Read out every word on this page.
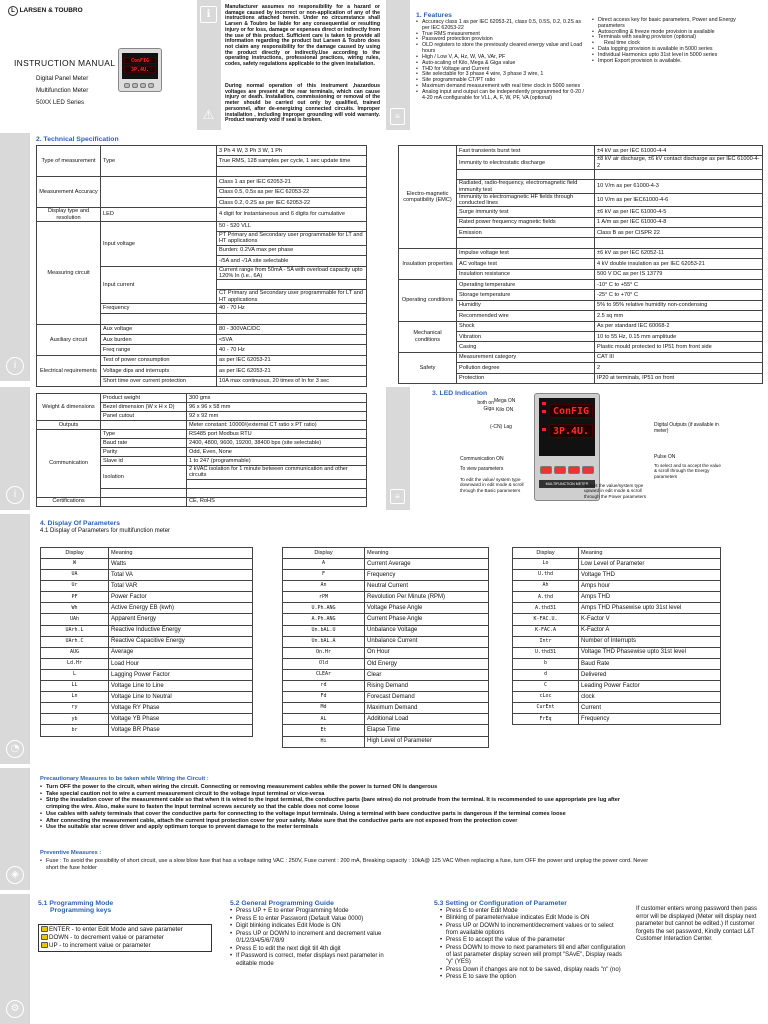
L LARSEN & TOUBRO
INSTRUCTION MANUAL
Digital Panel Meter
Multifunction Meter
50XX LED Series
ConFIG
3P.4U.
i
⚠
Manufacturer assumes no responsibility for a hazard or damage caused by incorrect or non-application of any of the instructions attached herein. Under no circumstance shall Larsen & Toubro be liable for any consequential or resulting injury or for loss, damage or expenses direct or indirectly from the use of this product. Sufficient care is taken to provide all information regarding the product but Larsen & Toubro does not claim any responsibility for the damage caused by using the product directly or indirectly.Use according to the operating instructions, professional practices, wiring rules, codes, safety regulations applicable to the given installation.
During normal operation of this instrument ,hazardous voltages are present at the rear terminals, which can cause injury or death. Installation, commissioning or removal of the meter should be carried out only by qualified, trained personnel, after de-energizing connected circuits. Improper installation , including improper grounding will void warranty. Product warranty void if seal is broken.	≡
1. Features
• Accuracy class 1 as per IEC 62053-21, class 0.5, 0.5S, 0.2, 0.2S as per IEC 62053-22
• True RMS measurement
• Password protection provision
• OLD registers to store the previously cleared energy value and Load hours
• High / Low V, A, Hz, W, VA, VAr, PF
• Auto-scaling of Kilo, Mega & Giga value
• THD for Voltage and Current
• Site selectable for 3 phase 4 wire, 3 phase 3 wire, 1
• Site programmable CT/PT ratio
• Maximum demand measurement with real time clock in 5000 series
• Analog input and output can be independently programmed for 0-20 / 4-20 mA configurable for VLL, A, F, W, PF, VA (optional)
• Direct access key for basic parameters, Power and Energy parameters
• Autoscrolling & freeze mode provision is available
• Terminals with sealing provision (optional)
• Real time clock
• Data logging provision is available in 5000 series
• Individual Harmonics upto 31st level in 5000 series
• Import Export provision is available.
i
2. Technical Specification
Type of measurement	Type	3 Ph 4 W, 3 Ph 3 W, 1 Ph
		True RMS, 128 samples per cycle, 1 sec update time

Measurement Accuracy		Class 1 as per IEC 62053-21
		Class 0.5, 0.5s as per IEC 62053-22
		Class 0.2, 0.2S as per IEC 62053-22
Display type and resolution	LED	4 digit for instantaneous and 6 digits for cumulative
Measuring circuit	Input voltage	50 - 520 VLL
		PT Primary and Secondary user programmable for LT and HT applications
		Burden: 0.2VA max per phase
		-/5A and -/1A site selectable
	Input current	Current range from 50mA - 5A with overload capacity upto 120% In (i.e., 6A)

		CT Primary and Secondary user programmable for LT and HT applications
	Frequency	40 - 70 Hz

Auxiliary circuit	Aux voltage	80 - 300VAC/DC
	Aux burden	<5VA
	Freq range	40 - 70 Hz
Electrical requirements	Test of power consumption	as per IEC 62053-21
	Voltage dips and interrupts	as per IEC 62053-21
	Short time over current protection	10A max continuous, 20 times of In for 3 sec
Electro-magnetic compatibility (EMC)	Fast transients burst test	±4 kV as per IEC 61000-4-4
	Immunity to electrostatic discharge	±8 kV air discharge, ±6 kV contact discharge as per IEC 61000-4-2

	Radiated, radio-frequency, electromagnetic field immunity test	10 V/m as per 61000-4-3
	Immunity to electromagnetic HF fields through conducted lines	10 V/m as per IEC61000-4-6
	Surge immunity test	±6 kV as per IEC 61000-4-5
	Rated power frequency magnetic fields	1 A/m as per IEC 61000-4-8
	Emission	Class B as per CISPR 22

Insulation properties	Impulse voltage test	±6 kV as per IEC 62052-11
	AC voltage test	4 kV double insulation as per IEC 62053-21
	Insulation resistance	500 V DC as per IS 13779
Operating conditions	Operating temperature	-10° C to +55° C
	Storage temperature	-25° C to +70° C
	Humidity	5% to 95% relative humidity non-condensing
	Recommended wire	2.5 sq mm
Mechanical conditions	Shock	As per standard IEC 60068-2
	Vibration	10 to 55 Hz, 0.15 mm amplitude
	Casing	Plastic mould protected to IP51 from front side
Safety	Measurement category	CAT III
	Pollution degree	2
	Protection	IP20 at terminals, IP51 on front
i
Weight & dimensions	Product weight	300 gms
	Bezel dimension (W x H x D)	96 x 96 x 58 mm
	Panel cutout	92 x 92 mm
Outputs		Meter constant: 10000/(external CT ratio x PT ratio)
Communication	Type	RS485 port Modbus RTU
	Baud rate	2400, 4800, 9600, 19200, 38400 bps (site selectable)
	Parity	Odd, Even, None
	Slave id	1 to 247 (programmable)
	Isolation	2 kVAC isolation for 1 minute between communication and other circuits

Certifications		CE, RoHS
≡
3. LED Indication
both on Giga
Mega ON
Kilo ON
(-CN) Lag
Communication ON
To view parameters
To edit the value/ system type downward in edit mode & scroll through the Basic parameters
ConFIG
3P.4U.
MULTIFUNCTION METER
Digital Outputs (if available in meter)
Pulse ON
To select and to accept the value & scroll through the Energy parameters
To edit the value/system type upward in edit mode & scroll through the Power parameters
◔
4. Display Of Parameters
4.1 Display of Parameters for multifunction meter
Display	Meaning
W	Watts
UA	Total VA
Ur	Total VAR
PF	Power Factor
Wh	Active Energy EB (kwh)
UAh	Apparent Energy
UArh.L	Reactive Inductive Energy
UArh.C	Reactive Capacitive Energy
AUG	Average
Ld.Hr	Load Hour
L	Lagging Power Factor
LL	Voltage Line to Line
Ln	Voltage Line to Neutral
ry	Voltage RY Phase
yb	Voltage YB Phase
br	Voltage BR Phase
Display	Meaning
A	Current Average
F	Frequency
An	Neutral Current
rPM	Revolution Per Minute (RPM)
U.Ph.ANG	Voltage Phase Angle
A.Ph.ANG	Current Phase Angle
Un.bAL.U	Unbalance Voltage
Un.bAL.A	Unbalance Current
On.Hr	On Hour
Old	Old Energy
CLEAr	Clear
rd	Rising Demand
Fd	Forecast Demand
Md	Maximum Demand
AL	Additional Load
Et	Elapse Time
Hi	High Level of Parameter
Display	Meaning
Lo	Low Level of Parameter
U.thd	Voltage THD
Ah	Amps hour
A.thd	Amps THD
A.thd31	Amps THD Phasewise upto 31st level
K-FAC.U.	K-Factor V
K-FAC.A	K-Factor A
Intr	Number of Interrupts
U.thd31	Voltage THD Phasewise upto 31st level
b	Baud Rate
d	Delivered
C	Leading Power Factor
cLoc	clock
CurEnt	Current
FrEq	Frequency
◈
Precautionary Measures to be taken while Wiring the Circuit :
• Turn OFF the power to the circuit, when wiring the circuit. Connecting or removing measurement cables while the power is turned ON is dangerous
• Take special caution not to wire a current measurement circuit to the voltage input terminal or vice-versa
• Strip the insulation cover of the measurement cable so that when it is wired to the input terminal, the conductive parts (bare wires) do not protrude from the terminal. It is recommended to use appropriate pre lug after crimping the wire. Also, make sure to fasten the input terminal screws securely so that the cable does not come loose
• Use cables with safety terminals that cover the conductive parts for connecting to the voltage input terminals. Using a terminal with bare conductive parts is dangerous if the terminal comes loose
• After connecting the measurement cable, attach the current input protection cover for your safety. Make sure that the conductive parts are not exposed from the protection cover
• Use the suitable star screw driver and apply optimum torque to prevent damage to the meter terminals
Preventive Measures :
• Fuse : To avoid the possibility of short circuit, use a slow blow fuse that has a voltage rating VAC : 250V, Fuse current : 200 mA, Breaking capacity : 10kA@ 125 VAC When replacing a fuse, turn OFF the power and unplug the power cord. Never short the fuse holder
⚙
5.1 Programming Mode
Programming keys
ENTER - to enter Edit Mode and save parameter
DOWN - to decrement value or parameter
UP - to increment value or parameter
5.2 General Programming Guide
• Press UP + E to enter Programming Mode
• Press E to enter Password (Default Value 0000)
• Digit blinking indicates Edit Mode is ON
• Press UP or DOWN to increment and decrement value 0/1/2/3/4/5/6/7/8/9
• Press E to edit the next digit till 4th digit
• If Password is correct, meter displays next parameter in editable mode
5.3 Setting or Configuration of Parameter
• Press E to enter Edit Mode
• Blinking of parameter/value indicates Edit Mode is ON
• Press UP or DOWN to increment/decrement values or to select from available options
• Press E to accept the value of the parameter
• Press DOWN to move to next parameters till end after configuration of last parameter display screen will prompt "SAvE", Display reads "y" (YES)
• Press Down if changes are not to be saved, display reads "n" (no)
• Press E to save the option
If customer enters wrong password then pass error will be displayed (Meter will display next parameter but cannot be edited.) If customer forgets the set password, Kindly contact L&T Customer Interaction Center.
